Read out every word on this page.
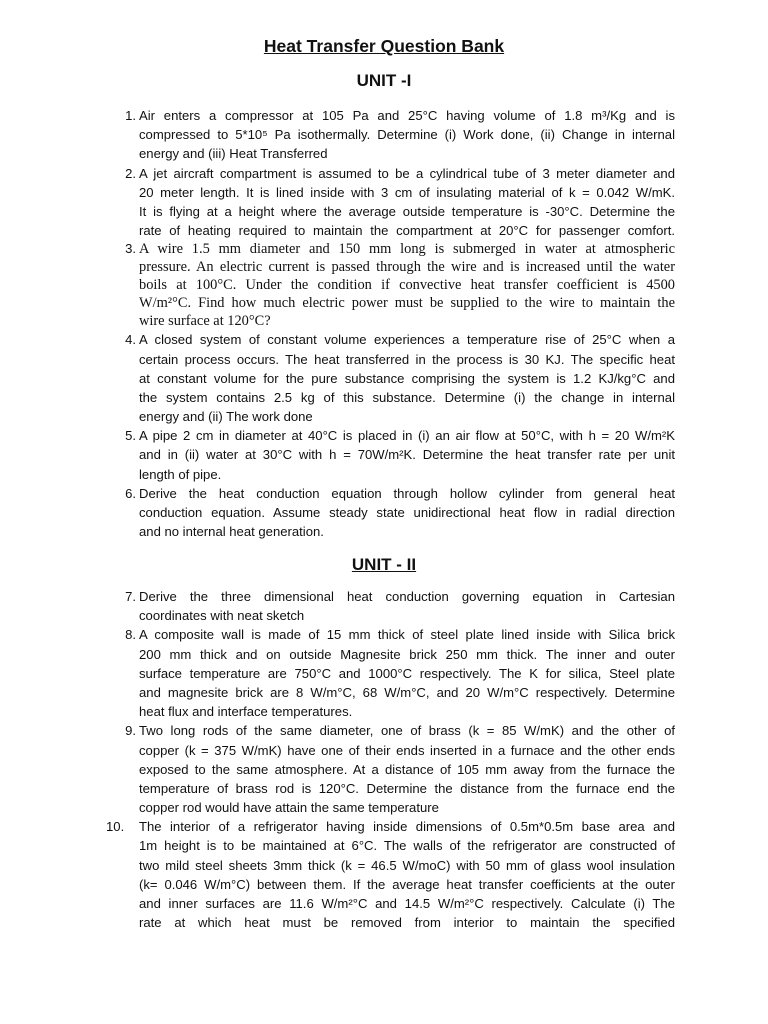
Heat Transfer Question Bank
UNIT -I
1. Air enters a compressor at 105 Pa and 25°C having volume of 1.8 m³/Kg and is
compressed to 5*10⁵ Pa isothermally. Determine (i) Work done, (ii) Change in internal
energy and (iii) Heat Transferred
2. A jet aircraft compartment is assumed to be a cylindrical tube of 3 meter diameter and
20 meter length. It is lined inside with 3 cm of insulating material of k = 0.042 W/mK.
It is flying at a height where the average outside temperature is -30°C. Determine the
rate of heating required to maintain the compartment at 20°C for passenger comfort.
3. A wire 1.5 mm diameter and 150 mm long is submerged in water at atmospheric
pressure. An electric current is passed through the wire and is increased until the water
boils at 100°C. Under the condition if convective heat transfer coefficient is 4500
W/m²°C. Find how much electric power must be supplied to the wire to maintain the
wire surface at 120°C?
4. A closed system of constant volume experiences a temperature rise of 25°C when a
certain process occurs. The heat transferred in the process is 30 KJ. The specific heat
at constant volume for the pure substance comprising the system is 1.2 KJ/kg°C and
the system contains 2.5 kg of this substance. Determine (i) the change in internal
energy and (ii) The work done
5. A pipe 2 cm in diameter at 40°C is placed in (i) an air flow at 50°C, with h = 20 W/m²K
and in (ii) water at 30°C with h = 70W/m²K. Determine the heat transfer rate per unit
length of pipe.
6. Derive the heat conduction equation through hollow cylinder from general heat
conduction equation. Assume steady state unidirectional heat flow in radial direction
and no internal heat generation.
UNIT - II
7. Derive the three dimensional heat conduction governing equation in Cartesian
coordinates with neat sketch
8. A composite wall is made of 15 mm thick of steel plate lined inside with Silica brick
200 mm thick and on outside Magnesite brick 250 mm thick. The inner and outer
surface temperature are 750°C and 1000°C respectively. The K for silica, Steel plate
and magnesite brick are 8 W/m°C, 68 W/m°C, and 20 W/m°C respectively. Determine
heat flux and interface temperatures.
9. Two long rods of the same diameter, one of brass (k = 85 W/mK) and the other of
copper (k = 375 W/mK) have one of their ends inserted in a furnace and the other ends
exposed to the same atmosphere. At a distance of 105 mm away from the furnace the
temperature of brass rod is 120°C. Determine the distance from the furnace end the
copper rod would have attain the same temperature
10.	The interior of a refrigerator having inside dimensions of 0.5m*0.5m base area and
1m height is to be maintained at 6°C. The walls of the refrigerator are constructed of
two mild steel sheets 3mm thick (k = 46.5 W/moC) with 50 mm of glass wool insulation
(k= 0.046 W/m°C) between them. If the average heat transfer coefficients at the outer
and inner surfaces are 11.6 W/m²°C and 14.5 W/m²°C respectively. Calculate (i) The
rate at which heat must be removed from interior to maintain the specified
